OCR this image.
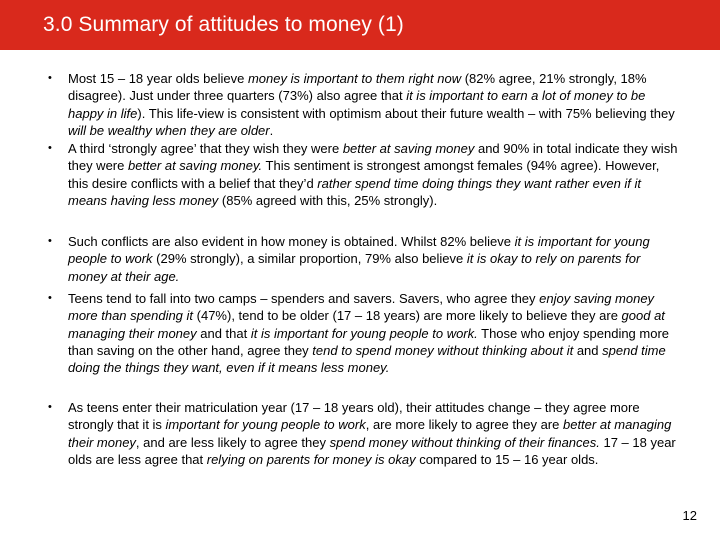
3.0 Summary of attitudes to money (1)
• Most 15 – 18 year olds believe money is important to them right now (82% agree, 21% strongly, 18% disagree). Just under three quarters (73%) also agree that it is important to earn a lot of money to be happy in life). This life-view is consistent with optimism about their future wealth – with 75% believing they will be wealthy when they are older.
• A third ‘strongly agree’ that they wish they were better at saving money and 90% in total indicate they wish they were better at saving money. This sentiment is strongest amongst females (94% agree). However, this desire conflicts with a belief that they’d rather spend time doing things they want rather even if it means having less money (85% agreed with this, 25% strongly).
• Such conflicts are also evident in how money is obtained. Whilst 82% believe it is important for young people to work (29% strongly), a similar proportion, 79% also believe it is okay to rely on parents for money at their age.
• Teens tend to fall into two camps – spenders and savers. Savers, who agree they enjoy saving money more than spending it (47%), tend to be older (17 – 18 years) are more likely to believe they are good at managing their money and that it is important for young people to work. Those who enjoy spending more than saving on the other hand, agree they tend to spend money without thinking about it and spend time doing the things they want, even if it means less money.
• As teens enter their matriculation year (17 – 18 years old), their attitudes change – they agree more strongly that it is important for young people to work, are more likely to agree they are better at managing their money, and are less likely to agree they spend money without thinking of their finances. 17 – 18 year olds are less agree that relying on parents for money is okay compared to 15 – 16 year olds.
12
